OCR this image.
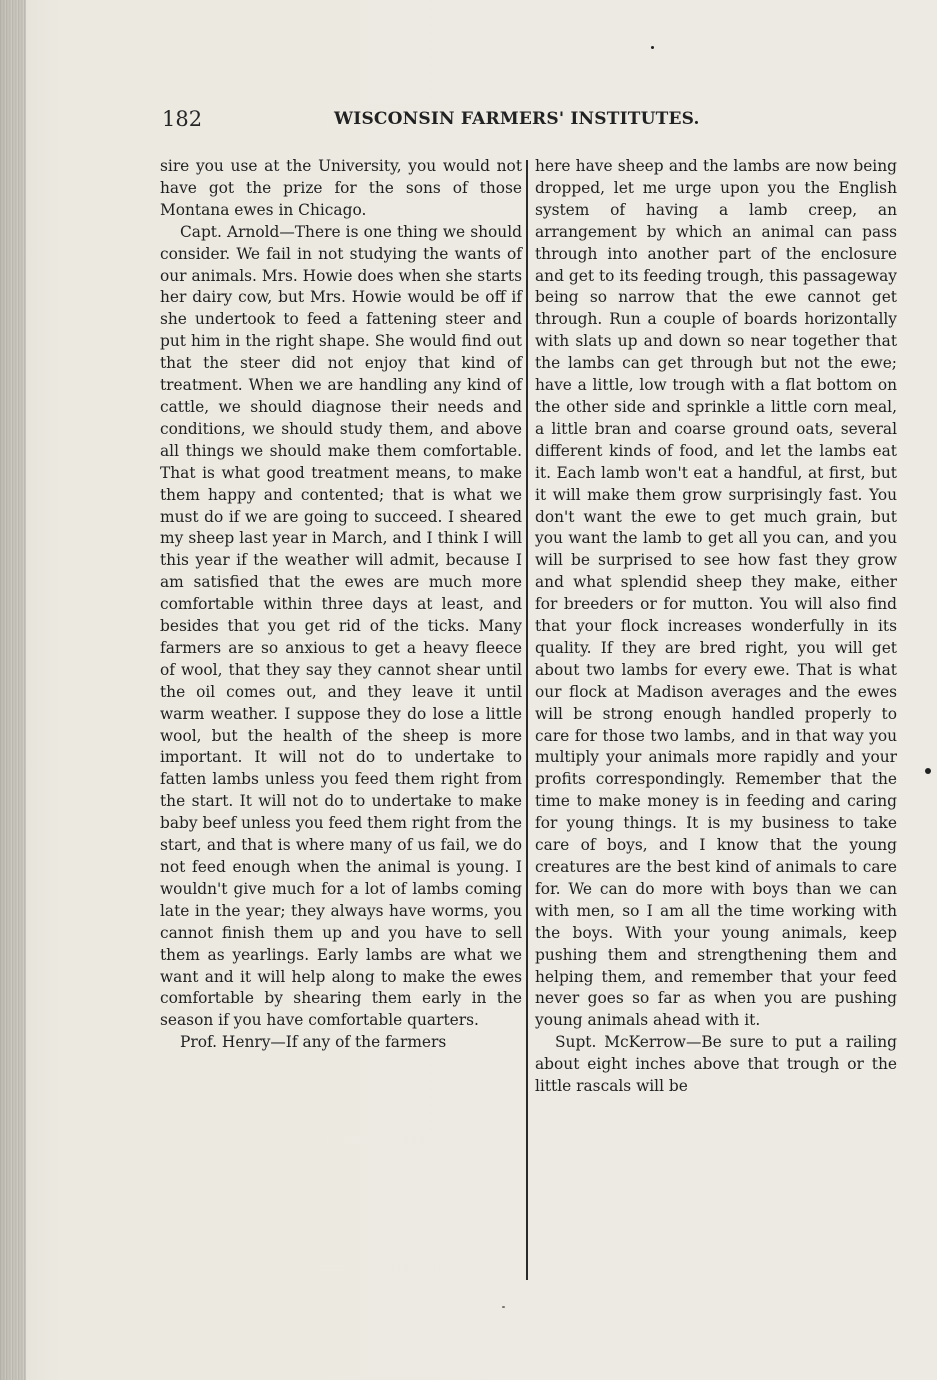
182	WISCONSIN FARMERS' INSTITUTES.

sire you use at the University, you would not have got the prize for the sons of those Montana ewes in Chicago.

Capt. Arnold—There is one thing we should consider. We fail in not studying the wants of our animals. Mrs. Howie does when she starts her dairy cow, but Mrs. Howie would be off if she undertook to feed a fattening steer and put him in the right shape. She would find out that the steer did not enjoy that kind of treatment. When we are handling any kind of cattle, we should diagnose their needs and conditions, we should study them, and above all things we should make them comfortable. That is what good treatment means, to make them happy and contented; that is what we must do if we are going to succeed. I sheared my sheep last year in March, and I think I will this year if the weather will admit, because I am satisfied that the ewes are much more comfortable within three days at least, and besides that you get rid of the ticks. Many farmers are so anxious to get a heavy fleece of wool, that they say they cannot shear until the oil comes out, and they leave it until warm weather. I suppose they do lose a little wool, but the health of the sheep is more important. It will not do to undertake to fatten lambs unless you feed them right from the start. It will not do to undertake to make baby beef unless you feed them right from the start, and that is where many of us fail, we do not feed enough when the animal is young. I wouldn't give much for a lot of lambs coming late in the year; they always have worms, you cannot finish them up and you have to sell them as yearlings. Early lambs are what we want and it will help along to make the ewes comfortable by shearing them early in the season if you have comfortable quarters.

Prof. Henry—If any of the farmers

here have sheep and the lambs are now being dropped, let me urge upon you the English system of having a lamb creep, an arrangement by which an animal can pass through into another part of the enclosure and get to its feeding trough, this passageway being so narrow that the ewe cannot get through. Run a couple of boards horizontally with slats up and down so near together that the lambs can get through but not the ewe; have a little, low trough with a flat bottom on the other side and sprinkle a little corn meal, a little bran and coarse ground oats, several different kinds of food, and let the lambs eat it. Each lamb won't eat a handful, at first, but it will make them grow surprisingly fast. You don't want the ewe to get much grain, but you want the lamb to get all you can, and you will be surprised to see how fast they grow and what splendid sheep they make, either for breeders or for mutton. You will also find that your flock increases wonderfully in its quality. If they are bred right, you will get about two lambs for every ewe. That is what our flock at Madison averages and the ewes will be strong enough handled properly to care for those two lambs, and in that way you multiply your animals more rapidly and your profits correspondingly. Remember that the time to make money is in feeding and caring for young things. It is my business to take care of boys, and I know that the young creatures are the best kind of animals to care for. We can do more with boys than we can with men, so I am all the time working with the boys. With your young animals, keep pushing them and strengthening them and helping them, and remember that your feed never goes so far as when you are pushing young animals ahead with it.

Supt. McKerrow—Be sure to put a railing about eight inches above that trough or the little rascals will be
